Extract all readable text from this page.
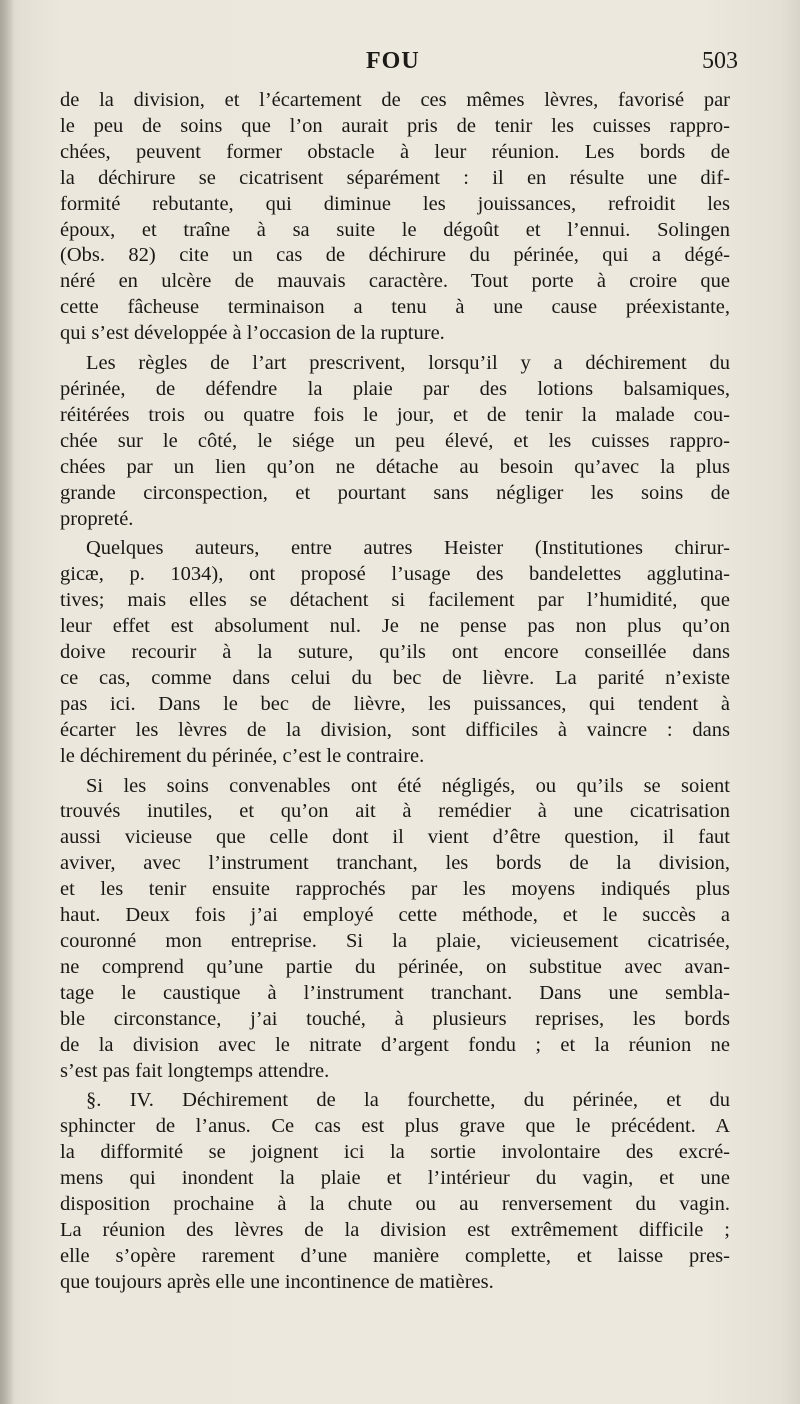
FOU	503
de la division, et l’écartement de ces mêmes lèvres, favorisé par
le peu de soins que l’on aurait pris de tenir les cuisses rappro-
chées, peuvent former obstacle à leur réunion. Les bords de
la déchirure se cicatrisent séparément : il en résulte une dif-
formité rebutante, qui diminue les jouissances, refroidit les
époux, et traîne à sa suite le dégoût et l’ennui. Solingen
(Obs. 82) cite un cas de déchirure du périnée, qui a dégé-
néré en ulcère de mauvais caractère. Tout porte à croire que
cette fâcheuse terminaison a tenu à une cause préexistante,
qui s’est développée à l’occasion de la rupture.
Les règles de l’art prescrivent, lorsqu’il y a déchirement du
périnée, de défendre la plaie par des lotions balsamiques,
réitérées trois ou quatre fois le jour, et de tenir la malade cou-
chée sur le côté, le siége un peu élevé, et les cuisses rappro-
chées par un lien qu’on ne détache au besoin qu’avec la plus
grande circonspection, et pourtant sans négliger les soins de
propreté.
Quelques auteurs, entre autres Heister (Institutiones chirur-
gicæ, p. 1034), ont proposé l’usage des bandelettes agglutina-
tives; mais elles se détachent si facilement par l’humidité, que
leur effet est absolument nul. Je ne pense pas non plus qu’on
doive recourir à la suture, qu’ils ont encore conseillée dans
ce cas, comme dans celui du bec de lièvre. La parité n’existe
pas ici. Dans le bec de lièvre, les puissances, qui tendent à
écarter les lèvres de la division, sont difficiles à vaincre : dans
le déchirement du périnée, c’est le contraire.
Si les soins convenables ont été négligés, ou qu’ils se soient
trouvés inutiles, et qu’on ait à remédier à une cicatrisation
aussi vicieuse que celle dont il vient d’être question, il faut
aviver, avec l’instrument tranchant, les bords de la division,
et les tenir ensuite rapprochés par les moyens indiqués plus
haut. Deux fois j’ai employé cette méthode, et le succès a
couronné mon entreprise. Si la plaie, vicieusement cicatrisée,
ne comprend qu’une partie du périnée, on substitue avec avan-
tage le caustique à l’instrument tranchant. Dans une sembla-
ble circonstance, j’ai touché, à plusieurs reprises, les bords
de la division avec le nitrate d’argent fondu ; et la réunion ne
s’est pas fait longtemps attendre.
§. IV. Déchirement de la fourchette, du périnée, et du
sphincter de l’anus. Ce cas est plus grave que le précédent. A
la difformité se joignent ici la sortie involontaire des excré-
mens qui inondent la plaie et l’intérieur du vagin, et une
disposition prochaine à la chute ou au renversement du vagin.
La réunion des lèvres de la division est extrêmement difficile ;
elle s’opère rarement d’une manière complette, et laisse pres-
que toujours après elle une incontinence de matières.
